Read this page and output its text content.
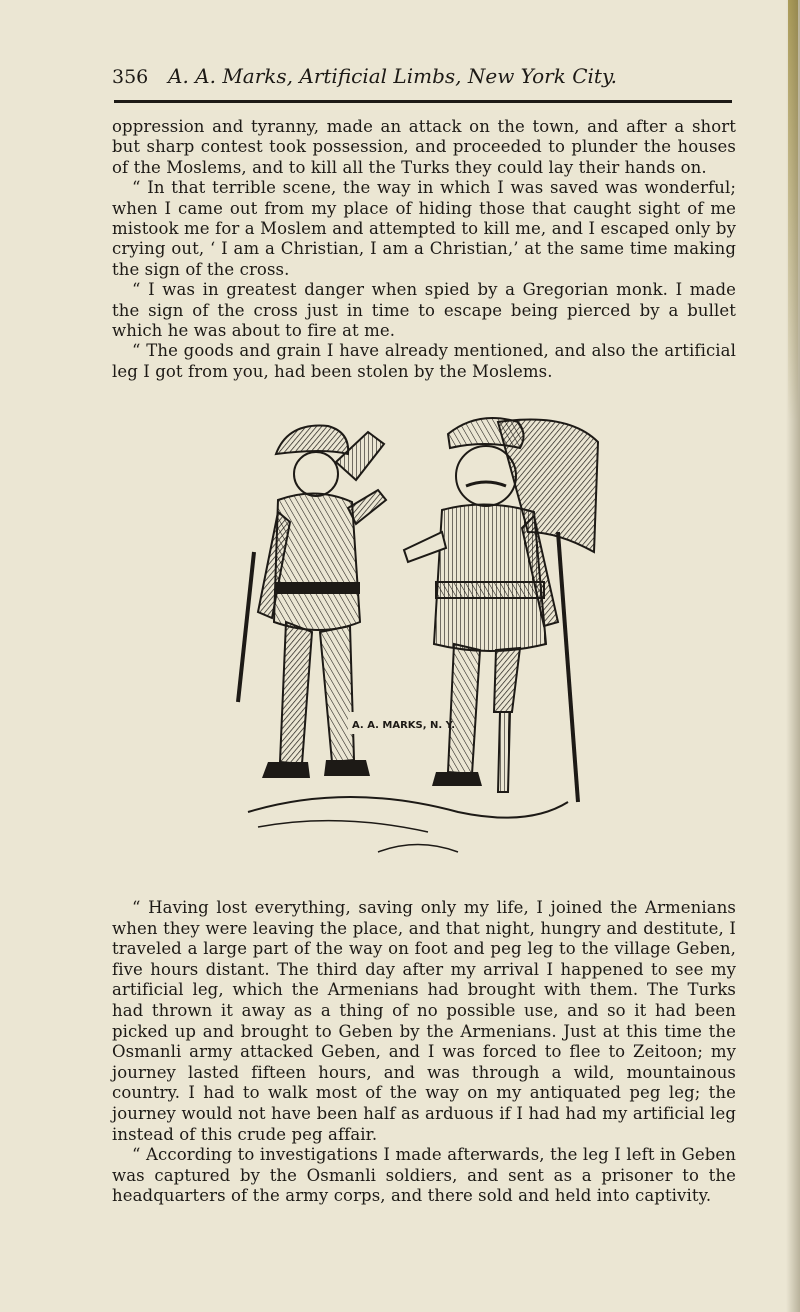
356 A. A. Marks, Artificial Limbs, New York City.

oppression and tyranny, made an attack on the town, and after a short but sharp contest took possession, and proceeded to plunder the houses of the Moslems, and to kill all the Turks they could lay their hands on.

“ In that terrible scene, the way in which I was saved was wonderful; when I came out from my place of hiding those that caught sight of me mistook me for a Moslem and attempted to kill me, and I escaped only by crying out, ‘ I am a Christian, I am a Christian,’ at the same time making the sign of the cross.

“ I was in greatest danger when spied by a Gregorian monk. I made the sign of the cross just in time to escape being pierced by a bullet which he was about to fire at me.

“ The goods and grain I have already mentioned, and also the artificial leg I got from you, had been stolen by the Moslems.

A. A. MARKS, N. Y.

“ Having lost everything, saving only my life, I joined the Armenians when they were leaving the place, and that night, hungry and destitute, I traveled a large part of the way on foot and peg leg to the village Geben, five hours distant. The third day after my arrival I happened to see my artificial leg, which the Armenians had brought with them. The Turks had thrown it away as a thing of no possible use, and so it had been picked up and brought to Geben by the Armenians. Just at this time the Osmanli army attacked Geben, and I was forced to flee to Zeitoon; my journey lasted fifteen hours, and was through a wild, mountainous country. I had to walk most of the way on my antiquated peg leg; the journey would not have been half as arduous if I had had my artificial leg instead of this crude peg affair.

“ According to investigations I made afterwards, the leg I left in Geben was captured by the Osmanli soldiers, and sent as a prisoner to the headquarters of the army corps, and there sold and held into captivity.
